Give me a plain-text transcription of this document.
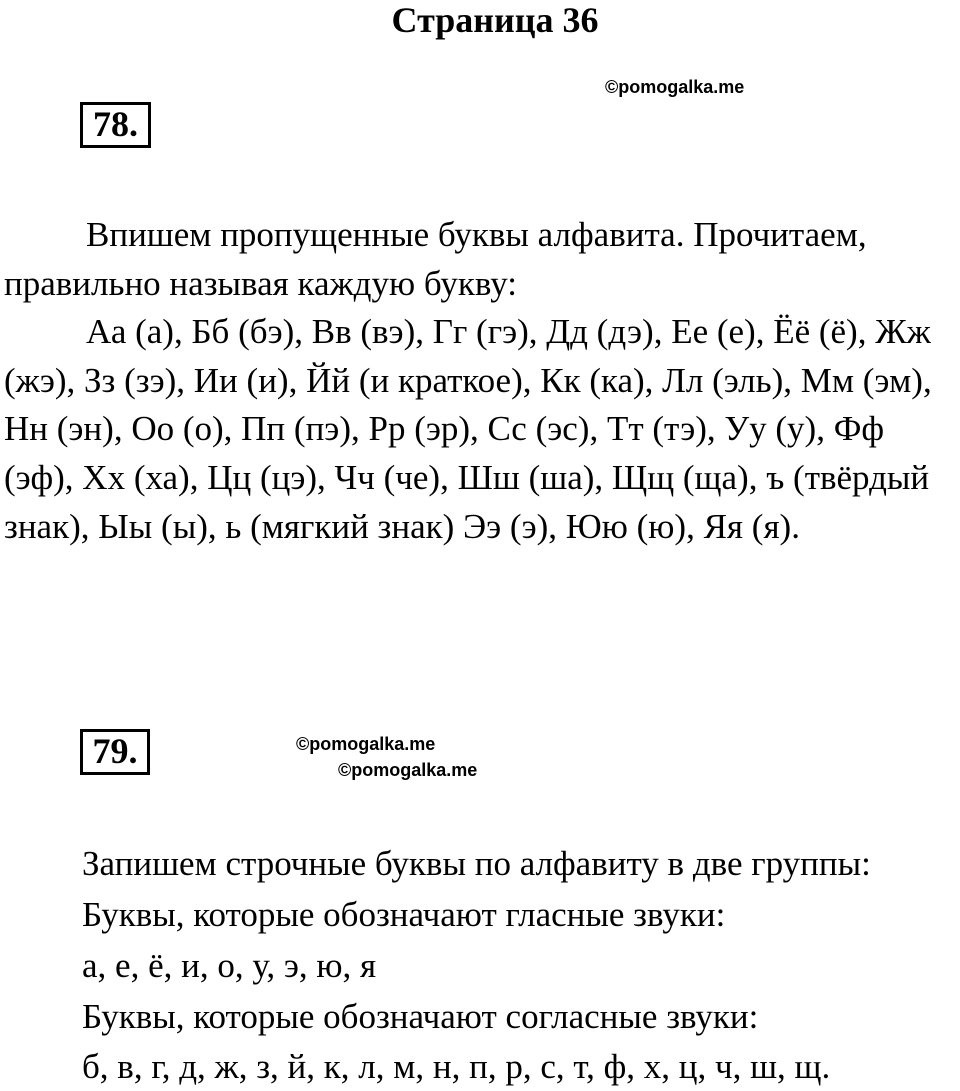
Страница 36
©pomogalka.me
78.

Впишем пропущенные буквы алфавита. Прочитаем, правильно называя каждую букву:

Аа (а), Бб (бэ), Вв (вэ), Гг (гэ), Дд (дэ), Ее (е), Ёё (ё), Жж (жэ), Зз (зэ), Ии (и), Йй (и краткое), Кк (ка), Лл (эль), Мм (эм), Нн (эн), Оо (о), Пп (пэ), Рр (эр), Сс (эс), Тт (тэ), Уу (у), Фф (эф), Хх (ха), Цц (цэ), Чч (че), Шш (ша), Щщ (ща), ъ (твёрдый знак), Ыы (ы), ь (мягкий знак) Ээ (э), Юю (ю), Яя (я).

79.	©pomogalka.me
©pomogalka.me
Запишем строчные буквы по алфавиту в две группы:
Буквы, которые обозначают гласные звуки:
а, е, ё, и, о, у, э, ю, я
Буквы, которые обозначают согласные звуки:
б, в, г, д, ж, з, й, к, л, м, н, п, р, с, т, ф, х, ц, ч, ш, щ.
